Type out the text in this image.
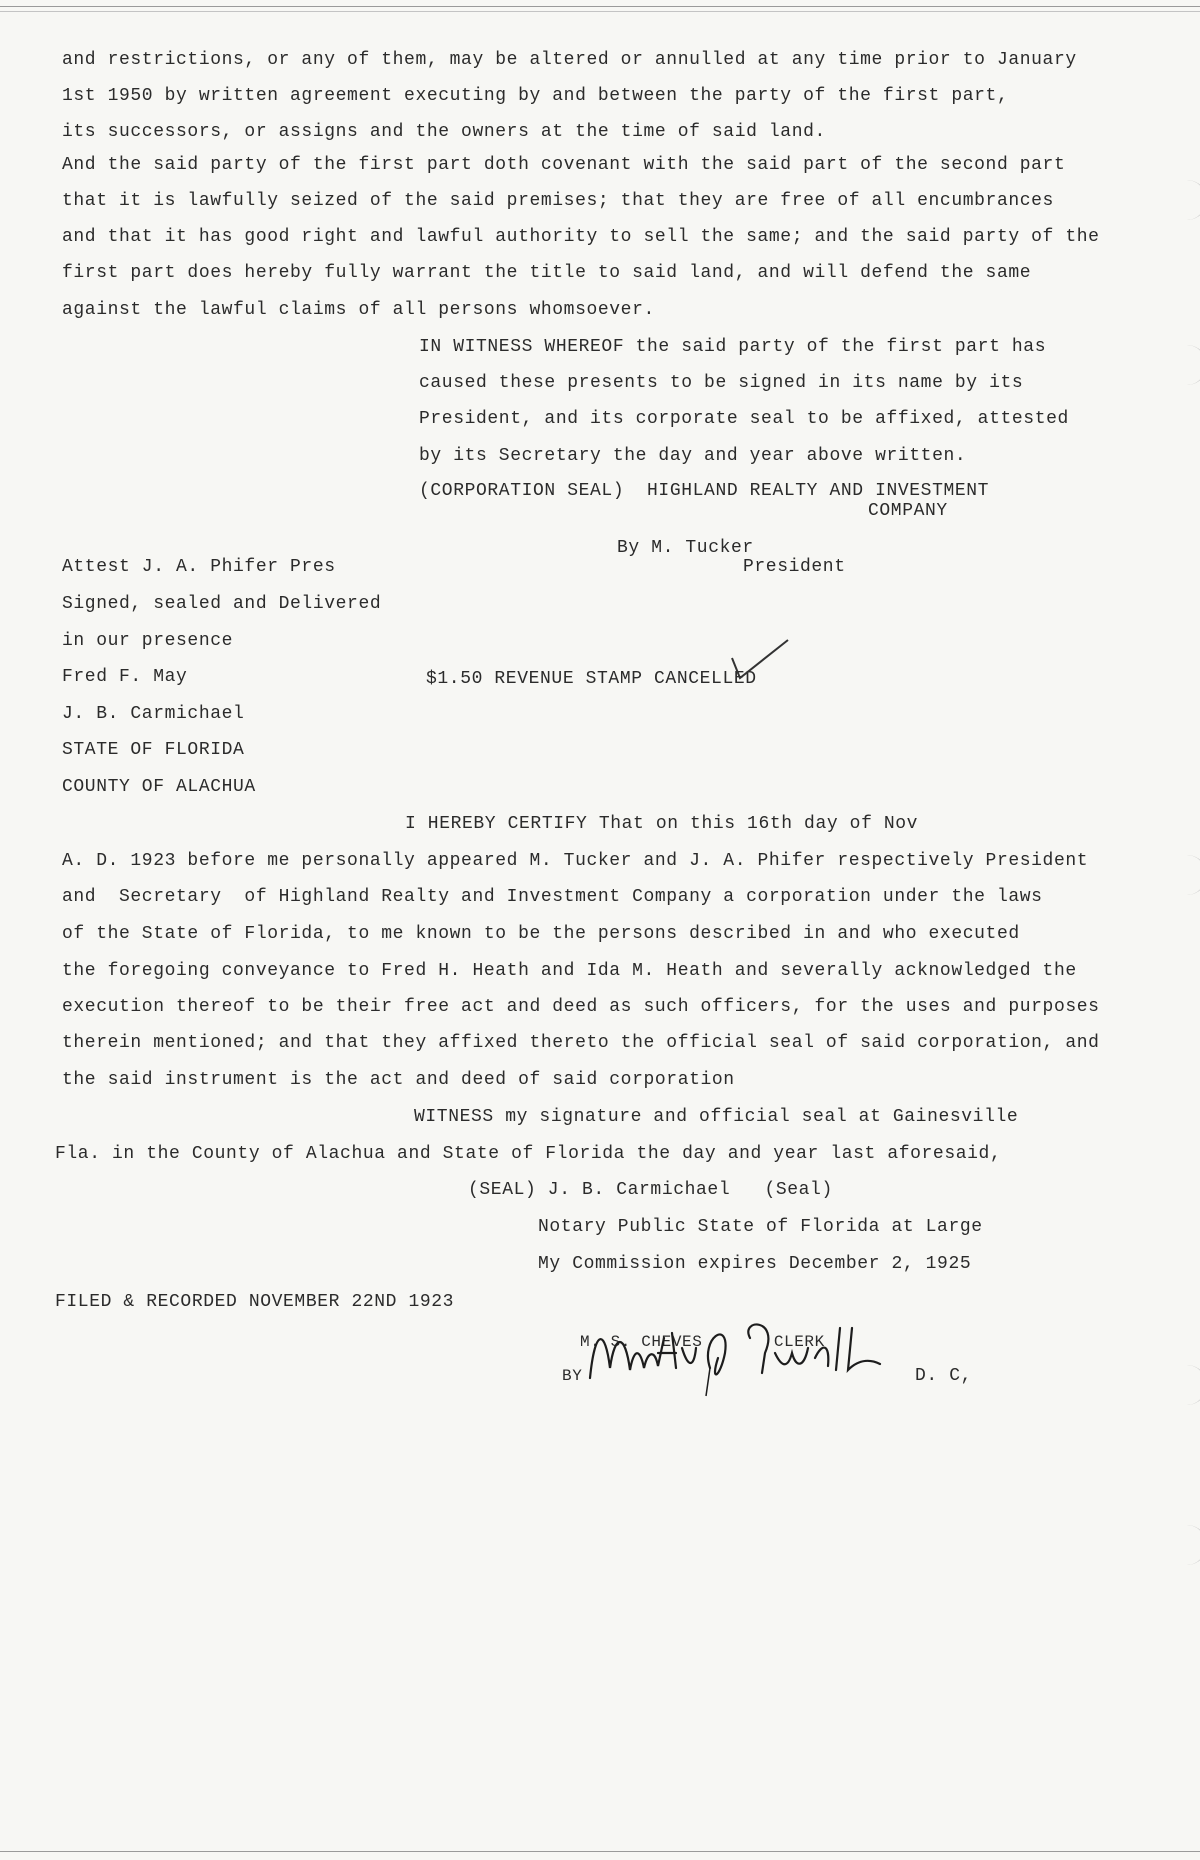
and restrictions, or any of them, may be altered or annulled at any time prior to January
1st 1950 by written agreement executing by and between the party of the first part,
its successors, or assigns and the owners at the time of said land.
And the said party of the first part doth covenant with the said part of the second part
that it is lawfully seized of the said premises; that they are free of all encumbrances
and that it has good right and lawful authority to sell the same; and the said party of the
first part does hereby fully warrant the title to said land, and will defend the same
against the lawful claims of all persons whomsoever.
IN WITNESS WHEREOF the said party of the first part has
caused these presents to be signed in its name by its
President, and its corporate seal to be affixed, attested
by its Secretary the day and year above written.
(CORPORATION SEAL)  HIGHLAND REALTY AND INVESTMENT
COMPANY
By M. Tucker
President
Attest J. A. Phifer Pres
Signed, sealed and Delivered
in our presence
Fred F. May
J. B. Carmichael
STATE OF FLORIDA
COUNTY OF ALACHUA
$1.50 REVENUE STAMP CANCELLED
I HEREBY CERTIFY That on this 16th day of Nov
A. D. 1923 before me personally appeared M. Tucker and J. A. Phifer respectively President
and  Secretary  of Highland Realty and Investment Company a corporation under the laws
of the State of Florida, to me known to be the persons described in and who executed
the foregoing conveyance to Fred H. Heath and Ida M. Heath and severally acknowledged the
execution thereof to be their free act and deed as such officers, for the uses and purposes
therein mentioned; and that they affixed thereto the official seal of said corporation, and
the said instrument is the act and deed of said corporation
WITNESS my signature and official seal at Gainesville
Fla. in the County of Alachua and State of Florida the day and year last aforesaid,
(SEAL) J. B. Carmichael   (Seal)
Notary Public State of Florida at Large
My Commission expires December 2, 1925
FILED & RECORDED NOVEMBER 22ND 1923
M. S. CHEVES       CLERK
BY	D. C,
